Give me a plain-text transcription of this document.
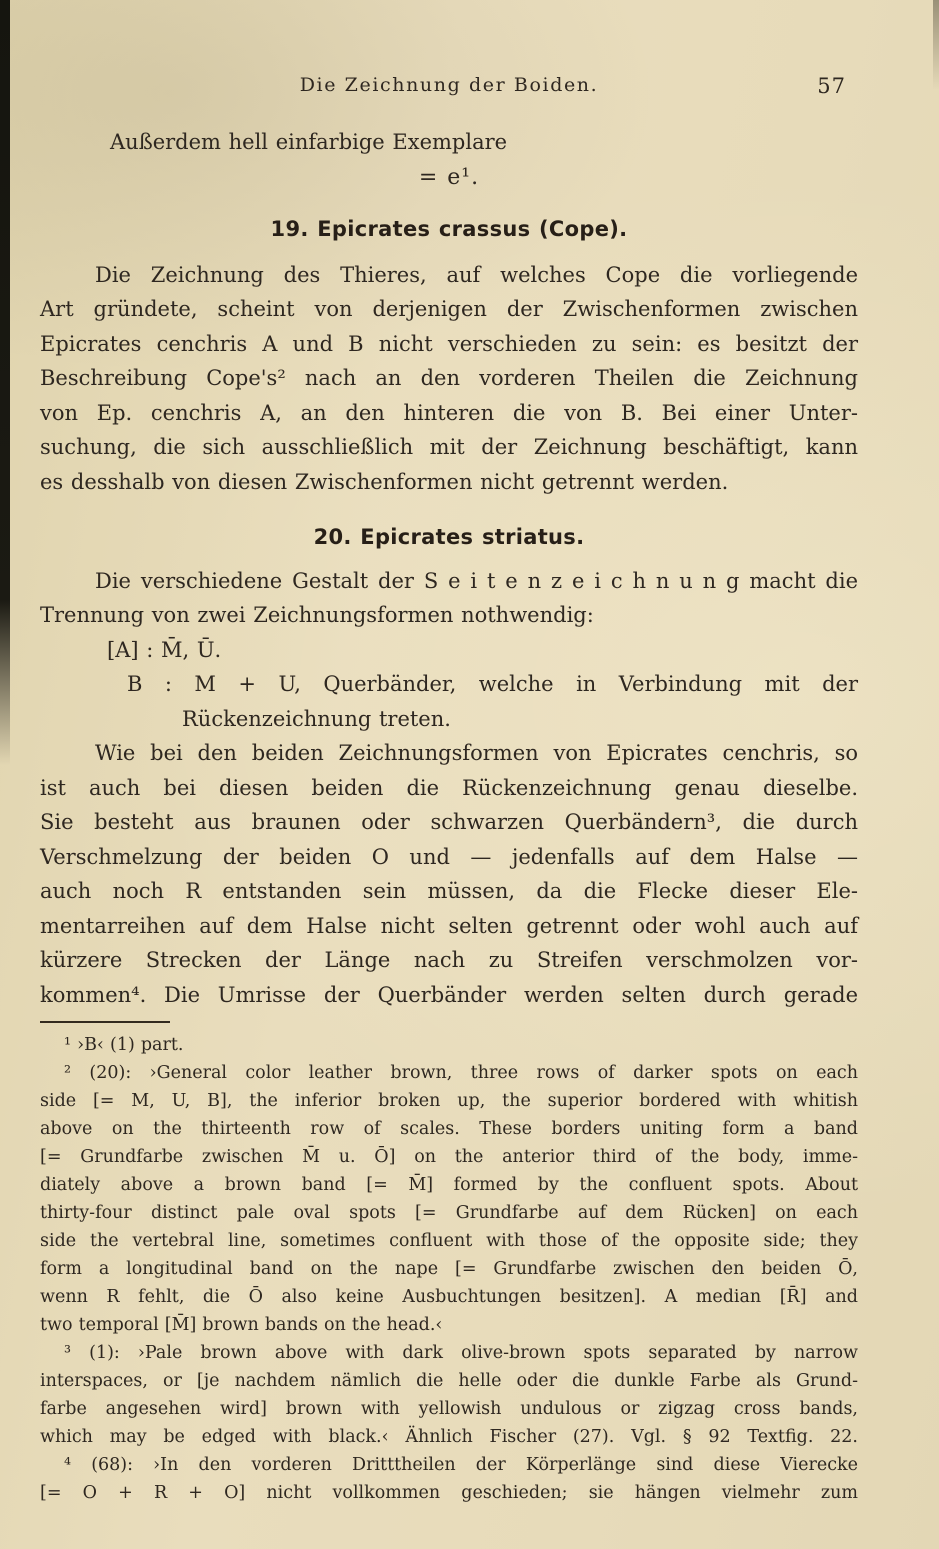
Die Zeichnung der Boiden.	57
Außerdem hell einfarbige Exemplare
= e¹.
19. Epicrates crassus (Cope).
Die Zeichnung des Thieres, auf welches Cope die vorliegende
Art gründete, scheint von derjenigen der Zwischenformen zwischen
Epicrates cenchris A und B nicht verschieden zu sein: es besitzt der
Beschreibung Cope's² nach an den vorderen Theilen die Zeichnung
von Ep. cenchris A, an den hinteren die von B. Bei einer Unter-
suchung, die sich ausschließlich mit der Zeichnung beschäftigt, kann
es desshalb von diesen Zwischenformen nicht getrennt werden.
20. Epicrates striatus.
Die verschiedene Gestalt der S e i t e n z e i c h n u n g macht die
Trennung von zwei Zeichnungsformen nothwendig:
[A] : M̄, Ū.
B : M + U, Querbänder, welche in Verbindung mit der
Rückenzeichnung treten.
Wie bei den beiden Zeichnungsformen von Epicrates cenchris, so
ist auch bei diesen beiden die Rückenzeichnung genau dieselbe.
Sie besteht aus braunen oder schwarzen Querbändern³, die durch
Verschmelzung der beiden O und — jedenfalls auf dem Halse —
auch noch R entstanden sein müssen, da die Flecke dieser Ele-
mentarreihen auf dem Halse nicht selten getrennt oder wohl auch auf
kürzere Strecken der Länge nach zu Streifen verschmolzen vor-
kommen⁴. Die Umrisse der Querbänder werden selten durch gerade
¹ ›B‹ (1) part.
² (20): ›General color leather brown, three rows of darker spots on each
side [= M, U, B], the inferior broken up, the superior bordered with whitish
above on the thirteenth row of scales. These borders uniting form a band
[= Grundfarbe zwischen M̄ u. Ō] on the anterior third of the body, imme-
diately above a brown band [= M̄] formed by the confluent spots. About
thirty-four distinct pale oval spots [= Grundfarbe auf dem Rücken] on each
side the vertebral line, sometimes confluent with those of the opposite side; they
form a longitudinal band on the nape [= Grundfarbe zwischen den beiden Ō,
wenn R fehlt, die Ō also keine Ausbuchtungen besitzen]. A median [R̄] and
two temporal [M̄] brown bands on the head.‹
³ (1): ›Pale brown above with dark olive-brown spots separated by narrow
interspaces, or [je nachdem nämlich die helle oder die dunkle Farbe als Grund-
farbe angesehen wird] brown with yellowish undulous or zigzag cross bands,
which may be edged with black.‹ Ähnlich Fischer (27). Vgl. § 92 Textfig. 22.
⁴ (68): ›In den vorderen Dritttheilen der Körperlänge sind diese Vierecke
[= O + R + O] nicht vollkommen geschieden; sie hängen vielmehr zum
